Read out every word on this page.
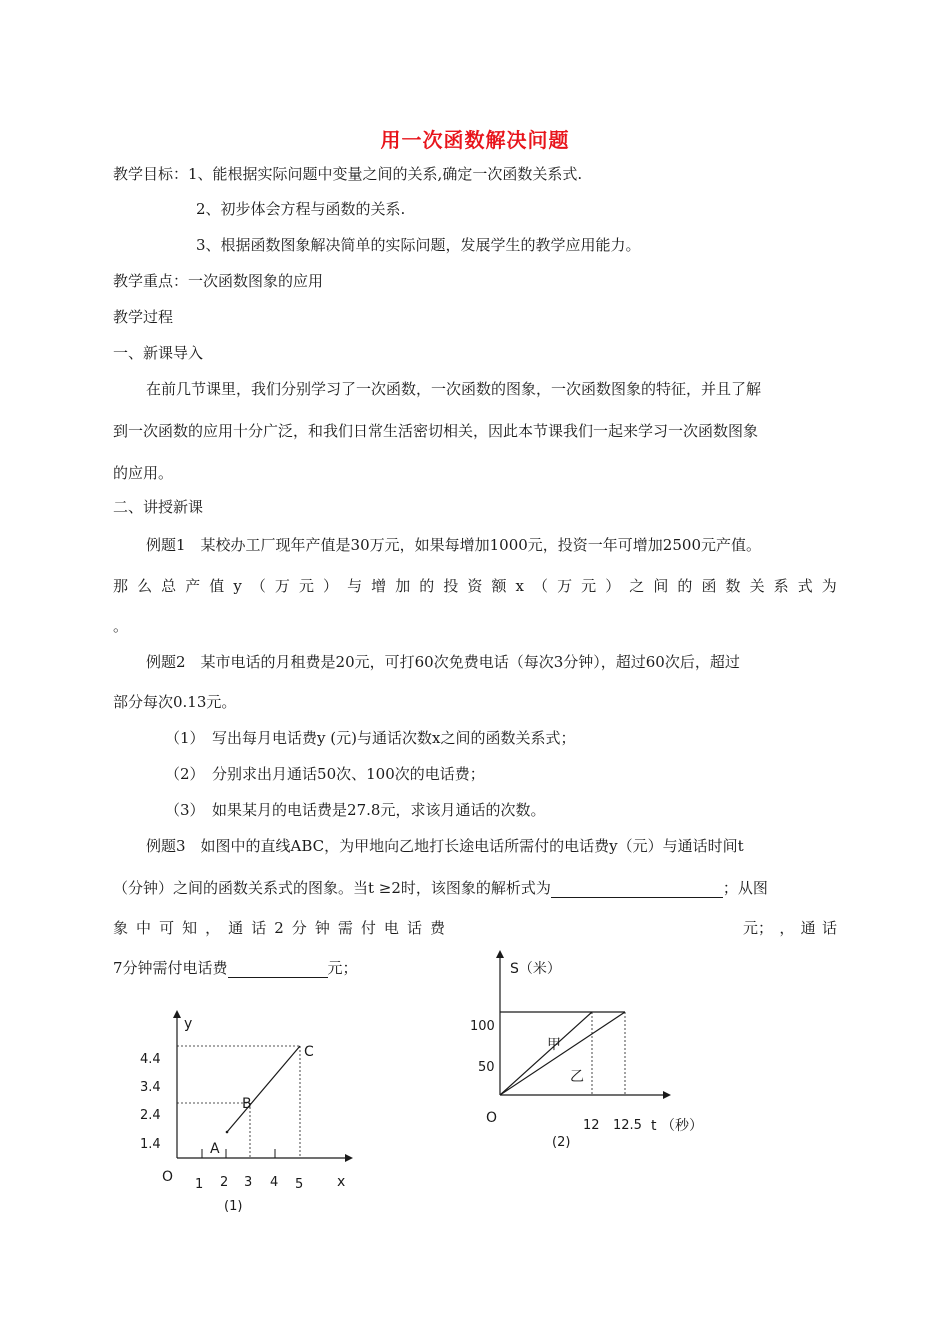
用一次函数解决问题
教学目标：1、能根据实际问题中变量之间的关系,确定一次函数关系式.
2、初步体会方程与函数的关系.
3、根据函数图象解决简单的实际问题，发展学生的教学应用能力。
教学重点：一次函数图象的应用
教学过程
一、新课导入
在前几节课里，我们分别学习了一次函数，一次函数的图象，一次函数图象的特征，并且了解
到一次函数的应用十分广泛，和我们日常生活密切相关，因此本节课我们一起来学习一次函数图象
的应用。
二、讲授新课
例题1　某校办工厂现年产值是30万元，如果每增加1000元，投资一年可增加2500元产值。
那 么 总 产 值 y （ 万 元 ） 与 增 加 的 投 资 额 x （ 万 元 ） 之 间 的 函 数 关 系 式 为
。
例题2　某市电话的月租费是20元，可打60次免费电话（每次3分钟），超过60次后，超过
部分每次0.13元。
（1）　写出每月电话费y (元)与通话次数x之间的函数关系式；
（2）　分别求出月通话50次、100次的电话费；
（3）　如果某月的电话费是27.8元，求该月通话的次数。
例题3　如图中的直线ABC，为甲地向乙地打长途电话所需付的电话费y（元）与通话时间t
（分钟）之间的函数关系式的图象。当t ≥2时，该图象的解析式为	；从图
象 中 可 知 ， 通 话 2 分 钟 需 付 电 话 费	元； ， 通 话
7分钟需付电话费	元；
y
x
O
A
B
C
4.4
3.4
2.4
1.4
1 2 3 4 5
(1)
S（米）
t （秒）
O
甲
乙
100
50
12 12.5
(2)
